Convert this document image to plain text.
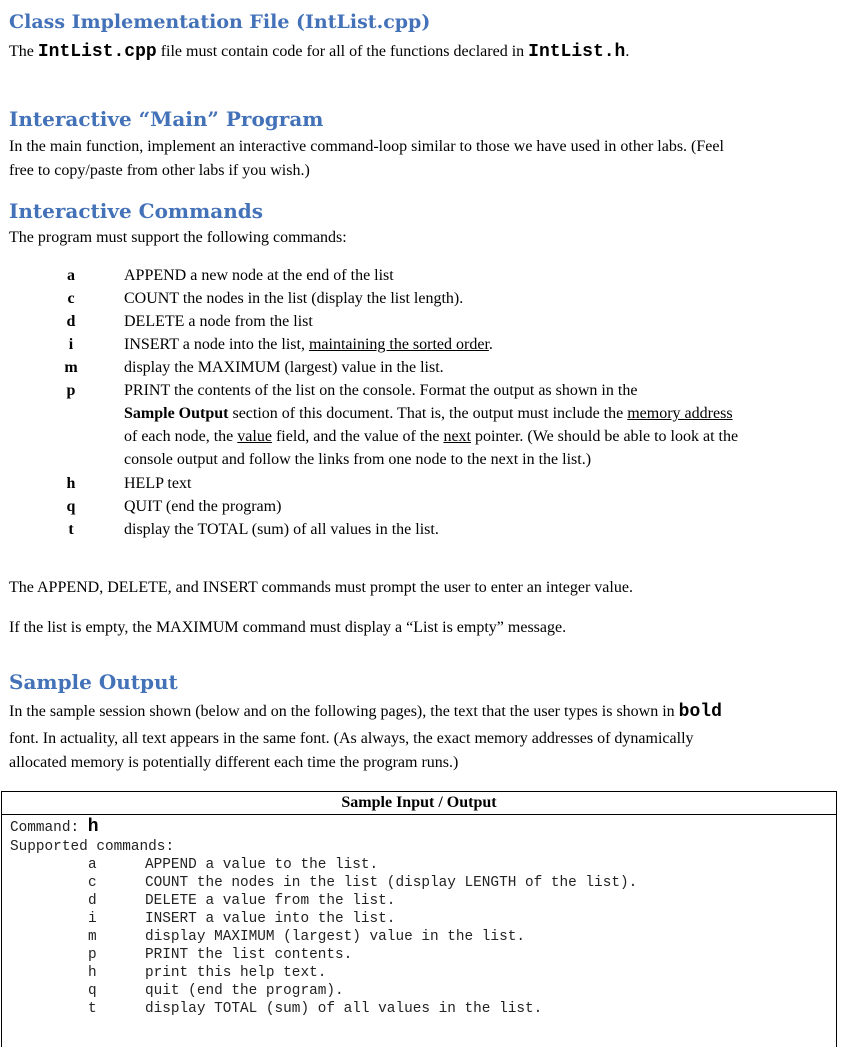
Class Implementation File (IntList.cpp)

The IntList.cpp file must contain code for all of the functions declared in IntList.h.

Interactive “Main” Program

In the main function, implement an interactive command-loop similar to those we have used in other labs. (Feel

free to copy/paste from other labs if you wish.)

Interactive Commands

The program must support the following commands:

a	APPEND a new node at the end of the list
c	COUNT the nodes in the list (display the list length).
d	DELETE a node from the list
i	INSERT a node into the list, maintaining the sorted order.
m	display the MAXIMUM (largest) value in the list.
p	PRINT the contents of the list on the console. Format the output as shown in the
Sample Output section of this document. That is, the output must include the memory address
of each node, the value field, and the value of the next pointer. (We should be able to look at the
console output and follow the links from one node to the next in the list.)
h	HELP text
q	QUIT (end the program)
t	display the TOTAL (sum) of all values in the list.

The APPEND, DELETE, and INSERT commands must prompt the user to enter an integer value.

If the list is empty, the MAXIMUM command must display a “List is empty” message.

Sample Output

In the sample session shown (below and on the following pages), the text that the user types is shown in bold

font. In actuality, all text appears in the same font. (As always, the exact memory addresses of dynamically

allocated memory is potentially different each time the program runs.)

Sample Input / Output
Command: h
Supported commands:
a	APPEND a value to the list.
c	COUNT the nodes in the list (display LENGTH of the list).
d	DELETE a value from the list.
i	INSERT a value into the list.
m	display MAXIMUM (largest) value in the list.
p	PRINT the list contents.
h	print this help text.
q	quit (end the program).
t	display TOTAL (sum) of all values in the list.
